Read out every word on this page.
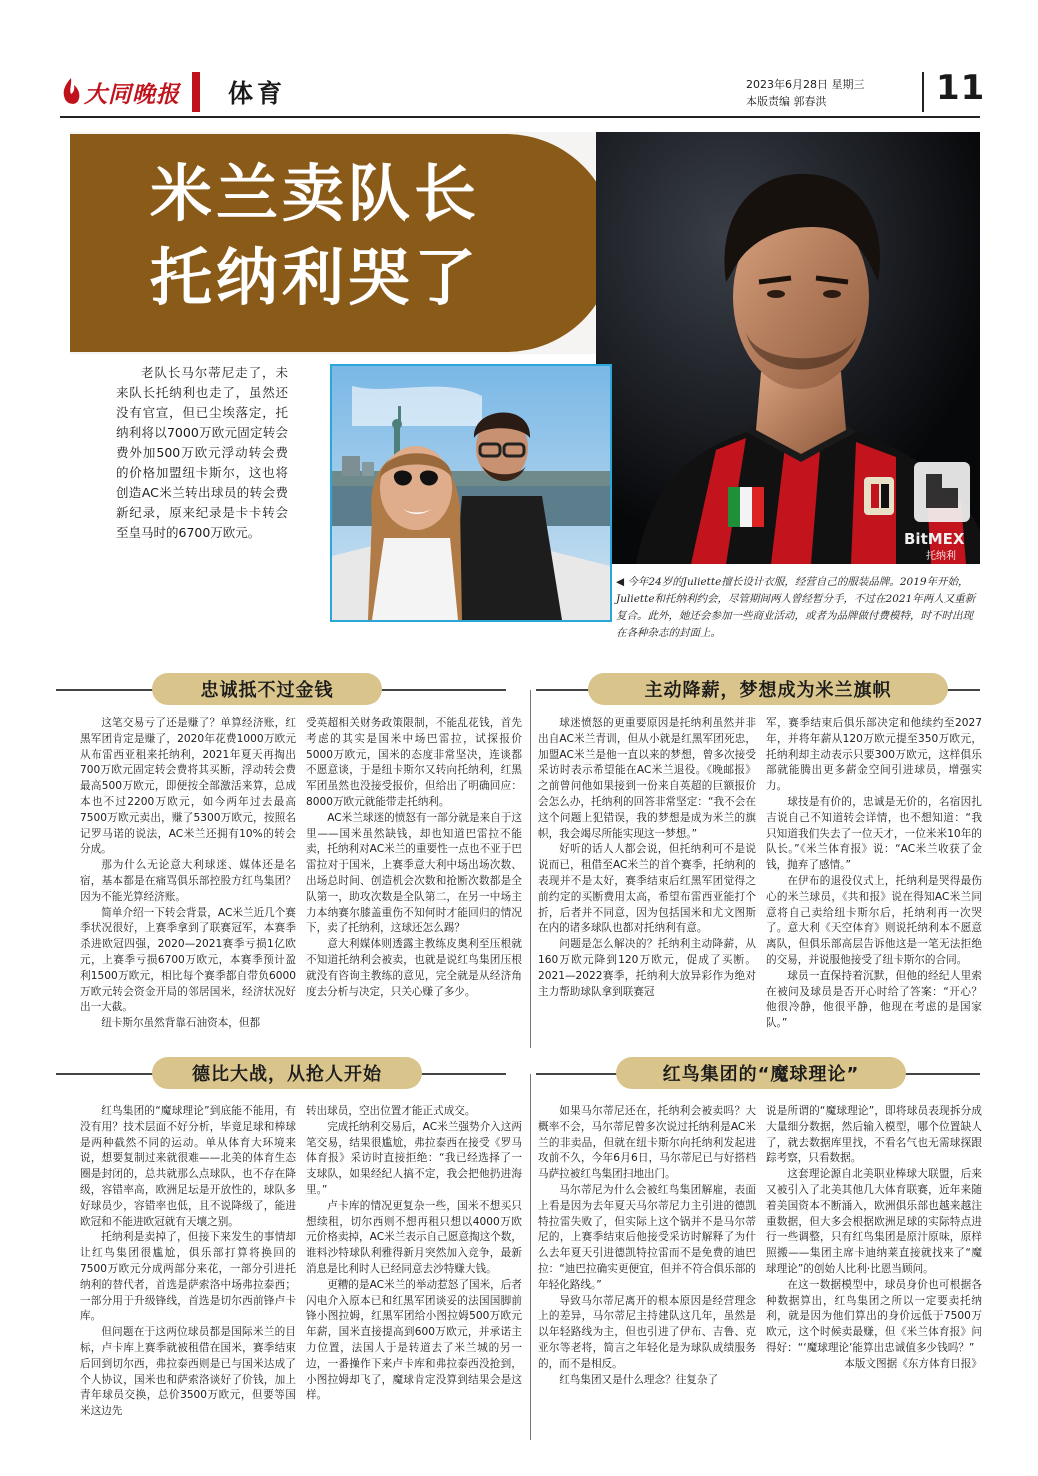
大同晚报 体育	2023年6月28日 星期三
本版责编 郭春洪	11
米兰卖队长
托纳利哭了
BitMEX
托纳利

老队长马尔蒂尼走了，未来队长托纳利也走了，虽然还没有官宣，但已尘埃落定，托纳利将以7000万欧元固定转会费外加500万欧元浮动转会费的价格加盟纽卡斯尔，这也将创造AC米兰转出球员的转会费新纪录，原来纪录是卡卡转会至皇马时的6700万欧元。

◀ 今年24岁的Juliette擅长设计衣服，经营自己的服装品牌。2019年开始，Juliette和托纳利约会，尽管期间两人曾经暂分手，不过在2021年两人又重新复合。此外，她还会参加一些商业活动，或者为品牌做付费模特，时不时出现在各种杂志的封面上。
忠诚抵不过金钱	主动降薪，梦想成为米兰旗帜

这笔交易亏了还是赚了？单算经济账，红黑军团肯定是赚了，2020年花费1000万欧元从布雷西亚租来托纳利，2021年夏天再掏出700万欧元固定转会费将其买断，浮动转会费最高500万欧元，即便按全部激活来算，总成本也不过2200万欧元，如今两年过去最高7500万欧元卖出，赚了5300万欧元，按照名记罗马诺的说法，AC米兰还拥有10%的转会分成。

那为什么无论意大利球迷、媒体还是名宿，基本都是在痛骂俱乐部控股方红鸟集团？因为不能光算经济账。

简单介绍一下转会背景，AC米兰近几个赛季状况很好，上赛季拿到了联赛冠军，本赛季杀进欧冠四强，2020—2021赛季亏损1亿欧元，上赛季亏损6700万欧元，本赛季预计盈利1500万欧元，相比每个赛季都自带负6000万欧元转会资金开局的邻居国米，经济状况好出一大截。

纽卡斯尔虽然背靠石油资本，但都

受英超相关财务政策限制，不能乱花钱，首先考虑的其实是国米中场巴雷拉，试探报价5000万欧元，国米的态度非常坚决，连谈都不愿意谈，于是纽卡斯尔又转向托纳利，红黑军团虽然也没接受报价，但给出了明确回应：8000万欧元就能带走托纳利。

AC米兰球迷的愤怒有一部分就是来自于这里——国米虽然缺钱，却也知道巴雷拉不能卖，托纳利对AC米兰的重要性一点也不亚于巴雷拉对于国米，上赛季意大利中场出场次数、出场总时间、创造机会次数和抢断次数都是全队第一，助攻次数是全队第二，在另一中场主力本纳赛尔膝盖重伤不知何时才能回归的情况下，卖了托纳利，这球还怎么踢？

意大利媒体则透露主教练皮奥利至压根就不知道托纳利会被卖，也就是说红鸟集团压根就没有咨询主教练的意见，完全就是从经济角度去分析与决定，只关心赚了多少。

球迷愤怒的更重要原因是托纳利虽然并非出自AC米兰青训，但从小就是红黑军团死忠，加盟AC米兰是他一直以来的梦想，曾多次接受采访时表示希望能在AC米兰退役。《晚邮报》之前曾问他如果接到一份来自英超的巨额报价会怎么办，托纳利的回答非常坚定：“我不会在这个问题上犯错误，我的梦想是成为米兰的旗帜，我会竭尽所能实现这一梦想。”

好听的话人人都会说，但托纳利可不是说说而已，租借至AC米兰的首个赛季，托纳利的表现并不是太好，赛季结束后红黑军团觉得之前约定的买断费用太高，希望布雷西亚能打个折，后者并不同意，因为包括国米和尤文图斯在内的诸多球队也都对托纳利有意。

问题是怎么解决的？托纳利主动降薪，从160万欧元降到120万欧元，促成了买断。2021—2022赛季，托纳利大放异彩作为绝对主力帮助球队拿到联赛冠

军，赛季结束后俱乐部决定和他续约至2027年，并将年薪从120万欧元提至350万欧元，托纳利却主动表示只要300万欧元，这样俱乐部就能腾出更多薪金空间引进球员，增强实力。

球技是有价的，忠诚是无价的，名宿因扎吉说自己不知道转会详情，也不想知道：“我只知道我们失去了一位天才，一位米米10年的队长。”《米兰体育报》说：“AC米兰收获了金钱，抛弃了感情。”

在伊布的退役仪式上，托纳利是哭得最伤心的米兰球员，《共和报》说在得知AC米兰同意将自己卖给纽卡斯尔后，托纳利再一次哭了。意大利《天空体育》则说托纳利本不愿意离队，但俱乐部高层告诉他这是一笔无法拒绝的交易，并说服他接受了纽卡斯尔的合同。

球员一直保持着沉默，但他的经纪人里索在被问及球员是否开心时给了答案：“开心？他很冷静，他很平静，他现在考虑的是国家队。”

德比大战，从抢人开始	红鸟集团的“魔球理论”

红鸟集团的“魔球理论”到底能不能用，有没有用？技术层面不好分析，毕竟足球和棒球是两种截然不同的运动。单从体育大环境来说，想要复制过来就很难——北美的体育生态圈是封闭的，总共就那么点球队，也不存在降级，容错率高，欧洲足坛是开放性的，球队多好球员少，容错率也低，且不说降级了，能进欧冠和不能进欧冠就有天壤之别。

托纳利是卖掉了，但接下来发生的事情却让红鸟集团很尴尬，俱乐部打算将换回的7500万欧元分成两部分来花，一部分引进托纳利的替代者，首选是萨索洛中场弗拉泰西；一部分用于升级锋线，首选是切尔西前锋卢卡库。

但问题在于这两位球员都是国际米兰的目标，卢卡库上赛季就被租借在国米，赛季结束后回到切尔西，弗拉泰西则是已与国米达成了个人协议，国米也和萨索洛谈好了价钱，加上青年球员交换，总价3500万欧元，但要等国米这边先

转出球员，空出位置才能正式成交。

完成托纳利交易后，AC米兰强势介入这两笔交易，结果很尴尬，弗拉泰西在接受《罗马体育报》采访时直接拒绝：“我已经选择了一支球队，如果经纪人搞不定，我会把他扔进海里。”

卢卡库的情况更复杂一些，国米不想买只想续租，切尔西则不想再租只想以4000万欧元价格卖掉，AC米兰表示自己愿意掏这个数，谁料沙特球队利雅得新月突然加入竞争，最新消息是比利时人已经同意去沙特赚大钱。

更糟的是AC米兰的举动惹怒了国米，后者闪电介入原本已和红黑军团谈妥的法国国脚前锋小图拉姆，红黑军团给小图拉姆500万欧元年薪，国米直接提高到600万欧元，并承诺主力位置，法国人于是转道去了米兰城的另一边，一番操作下来卢卡库和弗拉泰西没抢到，小图拉姆却飞了，魔球肯定没算到结果会是这样。

如果马尔蒂尼还在，托纳利会被卖吗？大概率不会，马尔蒂尼曾多次说过托纳利是AC米兰的非卖品，但就在纽卡斯尔向托纳利发起进攻前不久，今年6月6日，马尔蒂尼已与好搭档马萨拉被红鸟集团扫地出门。

马尔蒂尼为什么会被红鸟集团解雇，表面上看是因为去年夏天马尔蒂尼力主引进的德凯特拉雷失败了，但实际上这个锅并不是马尔蒂尼的，上赛季结束后他接受采访时解释了为什么去年夏天引进德凯特拉雷而不是免费的迪巴拉：“迪巴拉确实更便宜，但并不符合俱乐部的年轻化路线。”

导致马尔蒂尼离开的根本原因是经营理念上的差异，马尔蒂尼主持建队这几年，虽然是以年轻路线为主，但也引进了伊布、吉鲁、克亚尔等老将，简言之年轻化是为球队成绩服务的，而不是相反。

红鸟集团又是什么理念？往复杂了

说是所谓的“魔球理论”，即将球员表现拆分成大量细分数据，然后输入模型，哪个位置缺人了，就去数据库里找，不看名气也无需球探跟踪考察，只看数据。

这套理论源自北美职业棒球大联盟，后来又被引入了北美其他几大体育联赛，近年来随着美国资本不断涌入，欧洲俱乐部也越来越注重数据，但大多会根据欧洲足球的实际特点进行一些调整，只有红鸟集团是原汁原味，原样照搬——集团主席卡迪纳莱直接就找来了“魔球理论”的创始人比利·比恩当顾问。

在这一数据模型中，球员身价也可根据各种数据算出，红鸟集团之所以一定要卖托纳利，就是因为他们算出的身价远低于7500万欧元，这个时候卖最赚，但《米兰体育报》问得好：“‘魔球理论’能算出忠诚值多少钱吗？”

本版文图据《东方体育日报》
